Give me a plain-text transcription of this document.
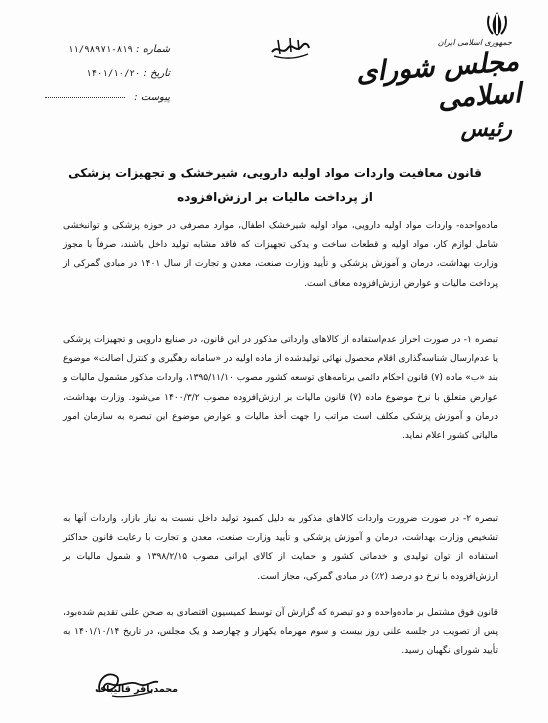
جمهوری اسلامی ایران
مجلس شورای اسلامی
رئیس
شماره : ۸۱۹-۱۱/۹۸۹۷۱
تاریخ : ۱۴۰۱/۱۰/۲۰
پیوست :
قانون معافیت واردات مواد اولیه دارویی، شیرخشک و تجهیزات پزشکی
از پرداخت مالیات بر ارزش‌افزوده
ماده‌واحده- واردات مواد اولیه دارویی، مواد اولیه شیرخشک اطفال، موارد مصرفی در حوزه پزشکی و توانبخشی شامل لوازم کار، مواد اولیه و قطعات ساخت و یدکی تجهیزات که فاقد مشابه تولید داخل باشند، صرفاً با مجوز وزارت بهداشت، درمان و آموزش پزشکی و تأیید وزارت صنعت، معدن و تجارت از سال ۱۴۰۱ در مبادی گمرکی از پرداخت مالیات و عوارض ارزش‌افزوده معاف است.
تبصره ۱- در صورت احراز عدم‌استفاده از کالاهای وارداتی مذکور در این قانون، در صنایع دارویی و تجهیزات پزشکی یا عدم‌ارسال شناسه‌گذاری اقلام محصول نهائی تولیدشده از ماده اولیه در «سامانه رهگیری و کنترل اصالت» موضوع بند «ب» ماده (۷) قانون احکام دائمی برنامه‌های توسعه کشور مصوب ۱۳۹۵/۱۱/۱۰، واردات مذکور مشمول مالیات و عوارض متعلق با نرخ موضوع ماده (۷) قانون مالیات بر ارزش‌افزوده مصوب ۱۴۰۰/۳/۲ می‌شود. وزارت بهداشت، درمان و آموزش پزشکی مکلف است مراتب را جهت أخذ مالیات و عوارض موضوع این تبصره به سازمان امور مالیاتی کشور اعلام نماید.
تبصره ۲- در صورت ضرورت واردات کالاهای مذکور به دلیل کمبود تولید داخل نسبت به نیاز بازار، واردات آنها به تشخیص وزارت بهداشت، درمان و آموزش پزشکی و تأیید وزارت صنعت، معدن و تجارت با رعایت قانون حداکثر استفاده از توان تولیدی و خدماتی کشور و حمایت از کالای ایرانی مصوب ۱۳۹۸/۲/۱۵ و شمول مالیات بر ارزش‌افزوده با نرخ دو درصد (۲٪) در مبادی گمرکی، مجاز است.
قانون فوق مشتمل بر ماده‌واحده و دو تبصره که گزارش آن توسط کمیسیون اقتصادی به صحن علنی تقدیم شده‌بود، پس از تصویب در جلسه علنی روز بیست و سوم مهرماه یکهزار و چهارصد و یک مجلس، در تاریخ ۱۴۰۱/۱۰/۱۴ به تأیید شورای نگهبان رسید.
محمدباقر قالیباف
